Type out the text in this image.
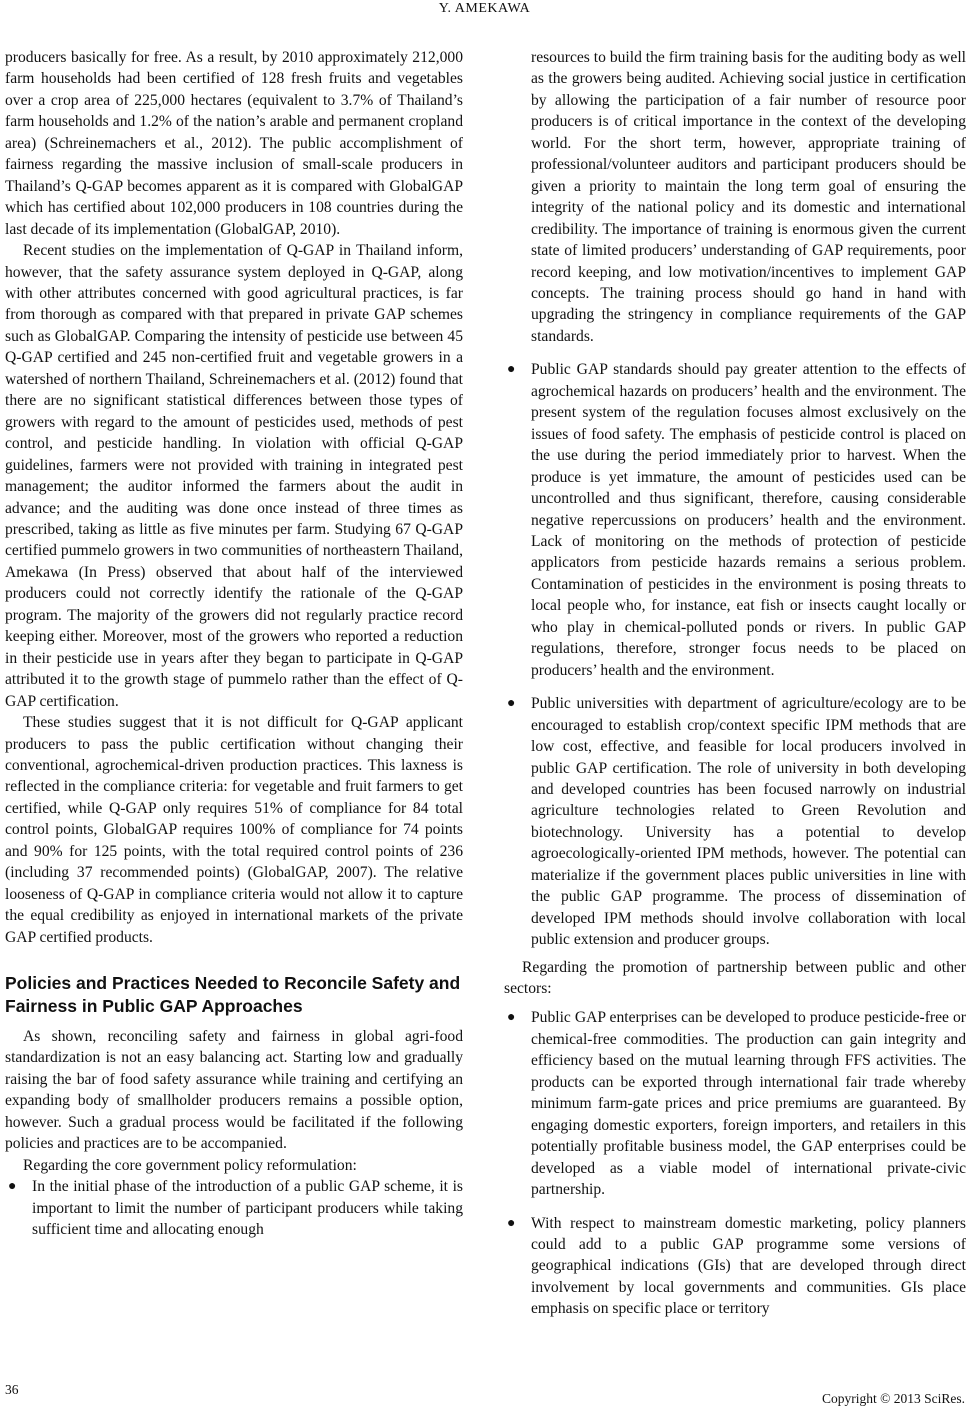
Y. AMEKAWA

producers basically for free. As a result, by 2010 approximately 212,000 farm households had been certified of 128 fresh fruits and vegetables over a crop area of 225,000 hectares (equivalent to 3.7% of Thailand’s farm households and 1.2% of the nation’s arable and permanent cropland area) (Schreinemachers et al., 2012). The public accomplishment of fairness regarding the massive inclusion of small-scale producers in Thailand’s Q-GAP becomes apparent as it is compared with GlobalGAP which has certified about 102,000 producers in 108 countries during the last decade of its implementation (GlobalGAP, 2010).

Recent studies on the implementation of Q-GAP in Thailand inform, however, that the safety assurance system deployed in Q-GAP, along with other attributes concerned with good agricultural practices, is far from thorough as compared with that prepared in private GAP schemes such as GlobalGAP. Comparing the intensity of pesticide use between 45 Q-GAP certified and 245 non-certified fruit and vegetable growers in a watershed of northern Thailand, Schreinemachers et al. (2012) found that there are no significant statistical differences between those types of growers with regard to the amount of pesticides used, methods of pest control, and pesticide handling. In violation with official Q-GAP guidelines, farmers were not provided with training in integrated pest management; the auditor informed the farmers about the audit in advance; and the auditing was done once instead of three times as prescribed, taking as little as five minutes per farm. Studying 67 Q-GAP certified pummelo growers in two communities of northeastern Thailand, Amekawa (In Press) observed that about half of the interviewed producers could not correctly identify the rationale of the Q-GAP program. The majority of the growers did not regularly practice record keeping either. Moreover, most of the growers who reported a reduction in their pesticide use in years after they began to participate in Q-GAP attributed it to the growth stage of pummelo rather than the effect of Q-GAP certification.

These studies suggest that it is not difficult for Q-GAP applicant producers to pass the public certification without changing their conventional, agrochemical-driven production practices. This laxness is reflected in the compliance criteria: for vegetable and fruit farmers to get certified, while Q-GAP only requires 51% of compliance for 84 total control points, GlobalGAP requires 100% of compliance for 74 points and 90% for 125 points, with the total required control points of 236 (including 37 recommended points) (GlobalGAP, 2007). The relative looseness of Q-GAP in compliance criteria would not allow it to capture the equal credibility as enjoyed in international markets of the private GAP certified products.

Policies and Practices Needed to Reconcile Safety and Fairness in Public GAP Approaches

As shown, reconciling safety and fairness in global agri-food standardization is not an easy balancing act. Starting low and gradually raising the bar of food safety assurance while training and certifying an expanding body of smallholder producers remains a possible option, however. Such a gradual process would be facilitated if the following policies and practices are to be accompanied.

Regarding the core government policy reformulation:

● In the initial phase of the introduction of a public GAP scheme, it is important to limit the number of participant producers while taking sufficient time and allocating enough
resources to build the firm training basis for the auditing body as well as the growers being audited. Achieving social justice in certification by allowing the participation of a fair number of resource poor producers is of critical importance in the context of the developing world. For the short term, however, appropriate training of professional/volunteer auditors and participant producers should be given a priority to maintain the long term goal of ensuring the integrity of the national policy and its domestic and international credibility. The importance of training is enormous given the current state of limited producers’ understanding of GAP requirements, poor record keeping, and low motivation/incentives to implement GAP concepts. The training process should go hand in hand with upgrading the stringency in compliance requirements of the GAP standards.
● Public GAP standards should pay greater attention to the effects of agrochemical hazards on producers’ health and the environment. The present system of the regulation focuses almost exclusively on the issues of food safety. The emphasis of pesticide control is placed on the use during the period immediately prior to harvest. When the produce is yet immature, the amount of pesticides used can be uncontrolled and thus significant, therefore, causing considerable negative repercussions on producers’ health and the environment. Lack of monitoring on the methods of protection of pesticide applicators from pesticide hazards remains a serious problem. Contamination of pesticides in the environment is posing threats to local people who, for instance, eat fish or insects caught locally or who play in chemical-polluted ponds or rivers. In public GAP regulations, therefore, stronger focus needs to be placed on producers’ health and the environment.
● Public universities with department of agriculture/ecology are to be encouraged to establish crop/context specific IPM methods that are low cost, effective, and feasible for local producers involved in public GAP certification. The role of university in both developing and developed countries has been focused narrowly on industrial agriculture technologies related to Green Revolution and biotechnology. University has a potential to develop agroecologically-oriented IPM methods, however. The potential can materialize if the government places public universities in line with the public GAP programme. The process of dissemination of developed IPM methods should involve collaboration with local public extension and producer groups.

Regarding the promotion of partnership between public and other sectors:

● Public GAP enterprises can be developed to produce pesticide-free or chemical-free commodities. The production can gain integrity and efficiency based on the mutual learning through FFS activities. The products can be exported through international fair trade whereby minimum farm-gate prices and price premiums are guaranteed. By engaging domestic exporters, foreign importers, and retailers in this potentially profitable business model, the GAP enterprises could be developed as a viable model of international private-civic partnership.
● With respect to mainstream domestic marketing, policy planners could add to a public GAP programme some versions of geographical indications (GIs) that are developed through direct involvement by local governments and communities. GIs place emphasis on specific place or territory
36
Copyright © 2013 SciRes.
